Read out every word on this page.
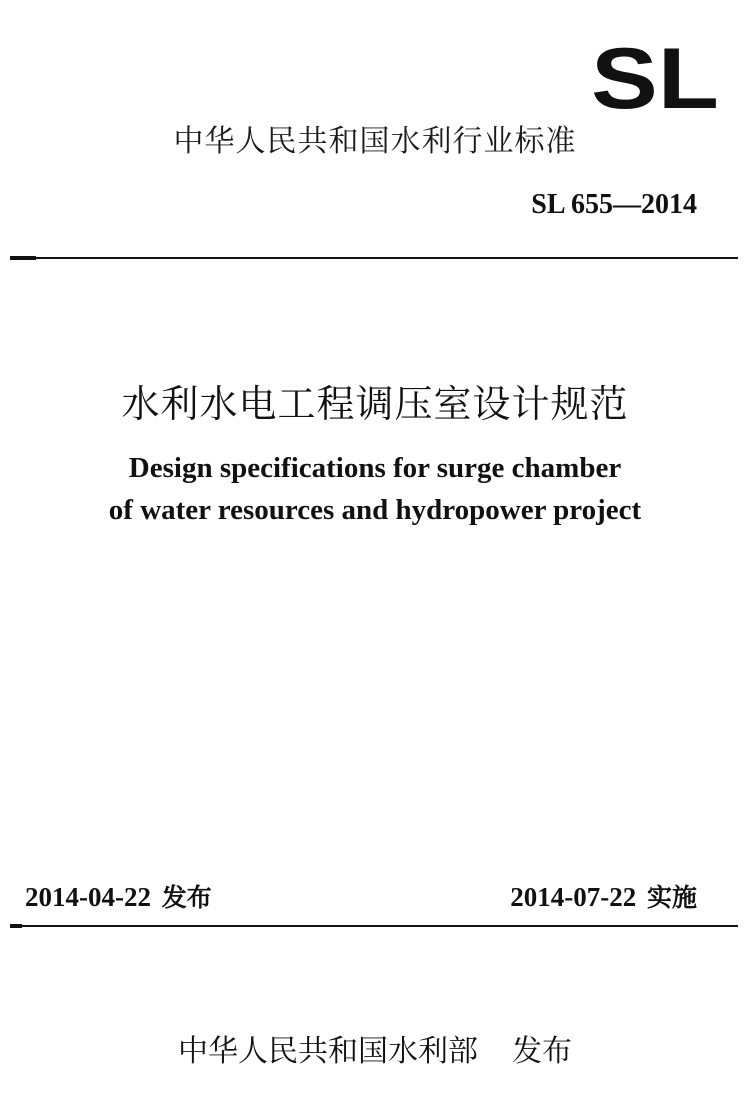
SL
中华人民共和国水利行业标准
SL 655—2014
水利水电工程调压室设计规范
Design specifications for surge chamber
of water resources and hydropower project
2014-04-22 发布	2014-07-22 实施
中华人民共和国水利部 发布
